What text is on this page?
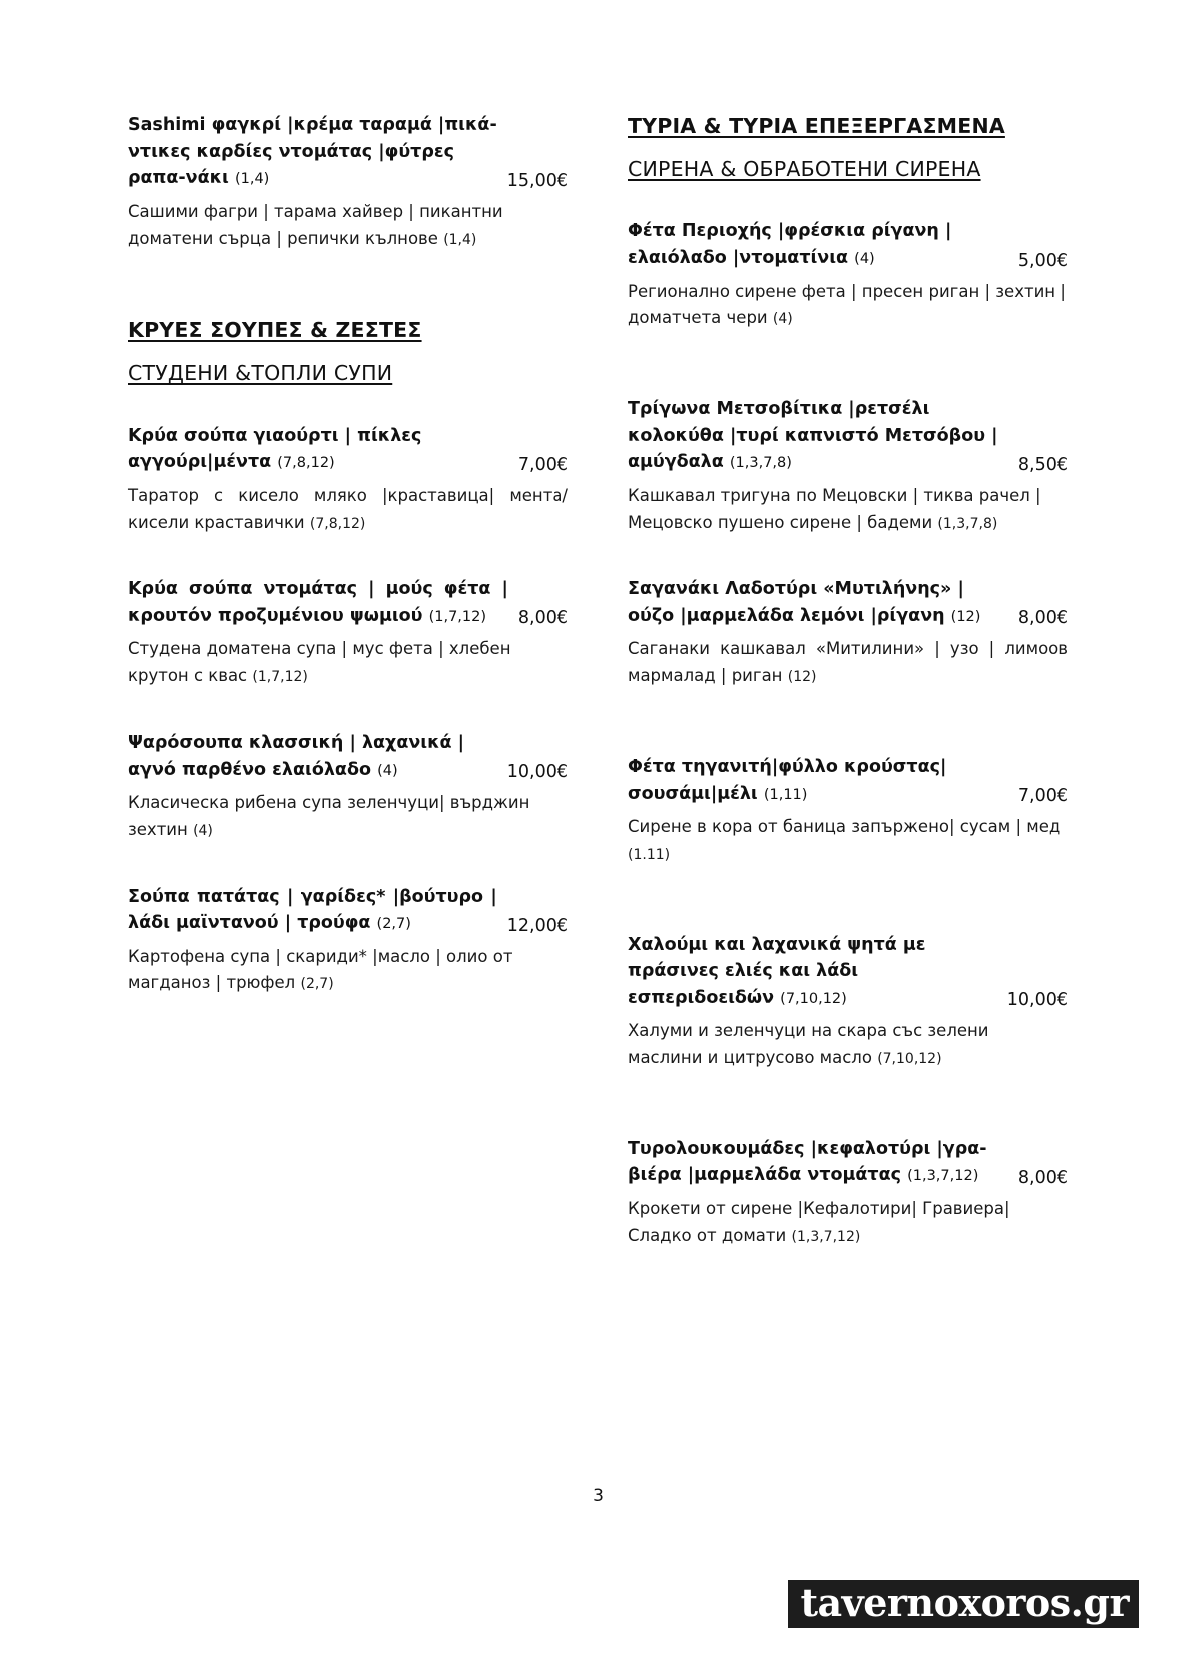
Sashimi φαγκρί |κρέμα ταραμά |πικά-ντικες καρδίες ντομάτας |φύτρες ραπα-νάκι (1,4)	15,00€
Сашими фагри | тарама хайвер | пикантни доматени сърца | репички кълнове (1,4)
ΚΡΥΕΣ ΣΟΥΠΕΣ & ΖΕΣΤΕΣ
СТУДЕНИ &ТОПЛИ СУПИ
Κρύα σούπα γιαούρτι | πίκλες αγγούρι|μέντα (7,8,12)	7,00€
Таратор с кисело мляко |краставица| мента/ кисели краставички (7,8,12)
Κρύα σούπα ντομάτας | μούς φέτα | κρουτόν προζυμένιου ψωμιού (1,7,12)	8,00€
Студена доматена супа | мус фета | хлебен крутон с квас (1,7,12)
Ψαρόσουπα κλασσική | λαχανικά | αγνό παρθένο ελαιόλαδο (4)	10,00€
Класическа рибена супа зеленчуци| върджин зехтин (4)
Σούπα πατάτας | γαρίδες* |βούτυρο |λάδι μαϊντανού | τρούφα (2,7)	12,00€
Картофена супа | скариди* |масло | олио от магданоз | трюфел (2,7)
ΤΥΡΙΑ & ΤΥΡΙΑ ΕΠΕΞΕΡΓΑΣΜΕΝΑ
СИРЕНА & ОБРАБОТЕНИ СИРЕНА
Φέτα Περιοχής |φρέσκια ρίγανη | ελαιόλαδο |ντοματίνια (4)	5,00€
Регионално сирене фета | пресен риган | зехтин | доматчета чери (4)
Τρίγωνα Μετσοβίτικα |ρετσέλι κολοκύθα |τυρί καπνιστό Μετσόβου |αμύγδαλα (1,3,7,8)	8,50€
Кашкавал тригуна по Мецовски | тиква рачел | Мецовско пушено сирене | бадеми (1,3,7,8)
Σαγανάκι Λαδοτύρι «Μυτιλήνης» |ούζο |μαρμελάδα λεμόνι |ρίγανη (12)	8,00€
Саганаки кашкавал «Митилини» | узо | лимоов мармалад | риган (12)
Φέτα τηγανιτή|φύλλο κρούστας| σουσάμι|μέλι (1,11)	7,00€
Сирене в кора от баница запържено| сусам | мед (1.11)
Χαλούμι και λαχανικά ψητά με πράσινες ελιές και λάδι εσπεριδοειδών (7,10,12)	10,00€
Халуми и зеленчуци на скара със зелени маслини и цитрусово масло (7,10,12)
Τυρολουκουμάδες |κεφαλοτύρι |γρα-βιέρα |μαρμελάδα ντομάτας (1,3,7,12)	8,00€
Крокети от сирене |Кефалотири| Гравиера| Сладко от домати (1,3,7,12)
3
tavernoxoros.gr
